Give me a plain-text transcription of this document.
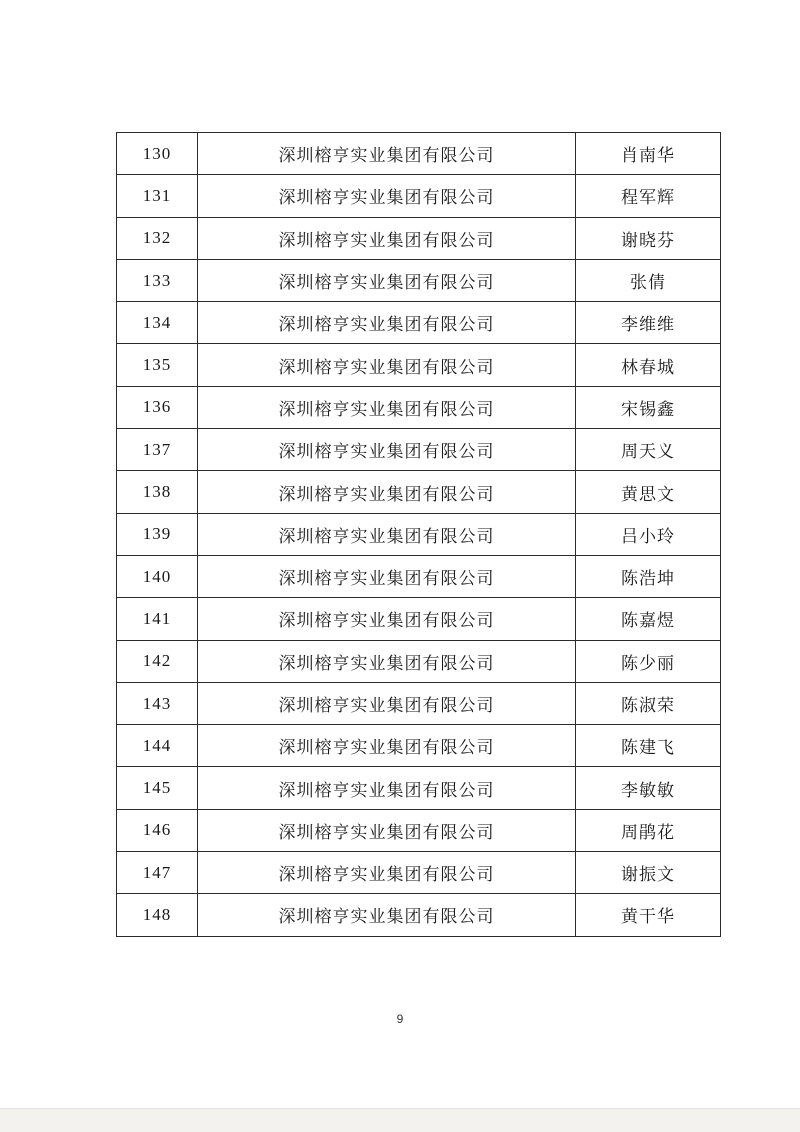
130	深圳榕亨实业集团有限公司	肖南华
131	深圳榕亨实业集团有限公司	程军辉
132	深圳榕亨实业集团有限公司	谢晓芬
133	深圳榕亨实业集团有限公司	张倩
134	深圳榕亨实业集团有限公司	李维维
135	深圳榕亨实业集团有限公司	林春城
136	深圳榕亨实业集团有限公司	宋锡鑫
137	深圳榕亨实业集团有限公司	周天义
138	深圳榕亨实业集团有限公司	黄思文
139	深圳榕亨实业集团有限公司	吕小玲
140	深圳榕亨实业集团有限公司	陈浩坤
141	深圳榕亨实业集团有限公司	陈嘉煜
142	深圳榕亨实业集团有限公司	陈少丽
143	深圳榕亨实业集团有限公司	陈淑荣
144	深圳榕亨实业集团有限公司	陈建飞
145	深圳榕亨实业集团有限公司	李敏敏
146	深圳榕亨实业集团有限公司	周鹃花
147	深圳榕亨实业集团有限公司	谢振文
148	深圳榕亨实业集团有限公司	黄干华
9
